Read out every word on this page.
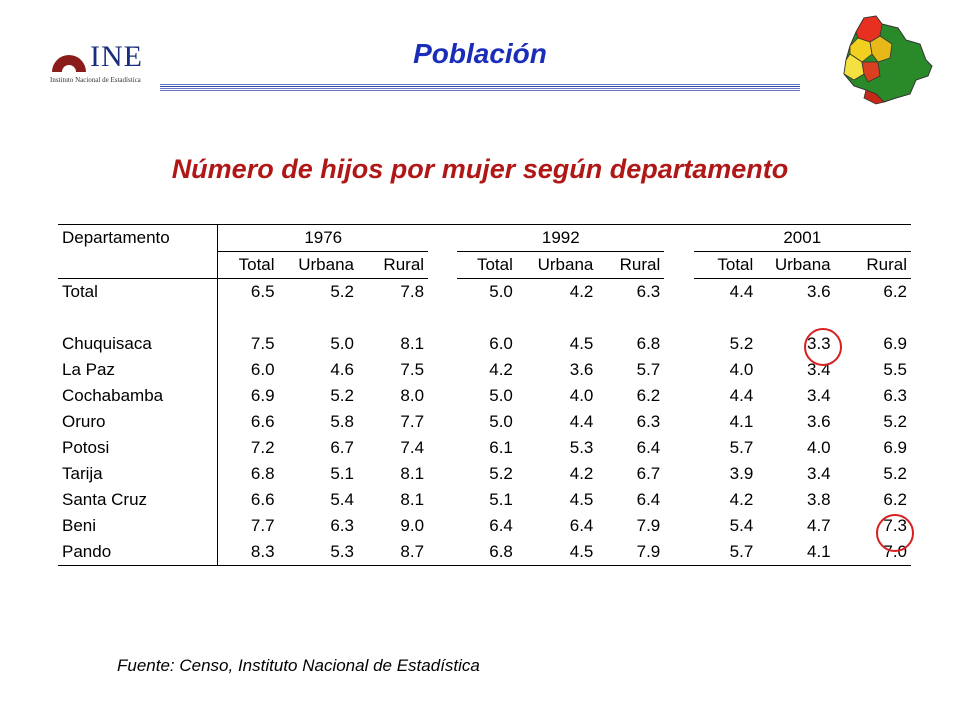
INE
Instituto Nacional de Estadística
Población
Número de hijos por mujer según departamento
Departamento	1976				1992				2001		
	Total	Urbana	Rural		Total	Urbana	Rural		Total	Urbana	Rural
Total	6.5	5.2	7.8		5.0	4.2	6.3		4.4	3.6	6.2

Chuquisaca	7.5	5.0	8.1		6.0	4.5	6.8		5.2	3.3	6.9
La Paz	6.0	4.6	7.5		4.2	3.6	5.7		4.0	3.4	5.5
Cochabamba	6.9	5.2	8.0		5.0	4.0	6.2		4.4	3.4	6.3
Oruro	6.6	5.8	7.7		5.0	4.4	6.3		4.1	3.6	5.2
Potosi	7.2	6.7	7.4		6.1	5.3	6.4		5.7	4.0	6.9
Tarija	6.8	5.1	8.1		5.2	4.2	6.7		3.9	3.4	5.2
Santa Cruz	6.6	5.4	8.1		5.1	4.5	6.4		4.2	3.8	6.2
Beni	7.7	6.3	9.0		6.4	6.4	7.9		5.4	4.7	7.3
Pando	8.3	5.3	8.7		6.8	4.5	7.9		5.7	4.1	7.0
Fuente: Censo, Instituto Nacional de Estadística
